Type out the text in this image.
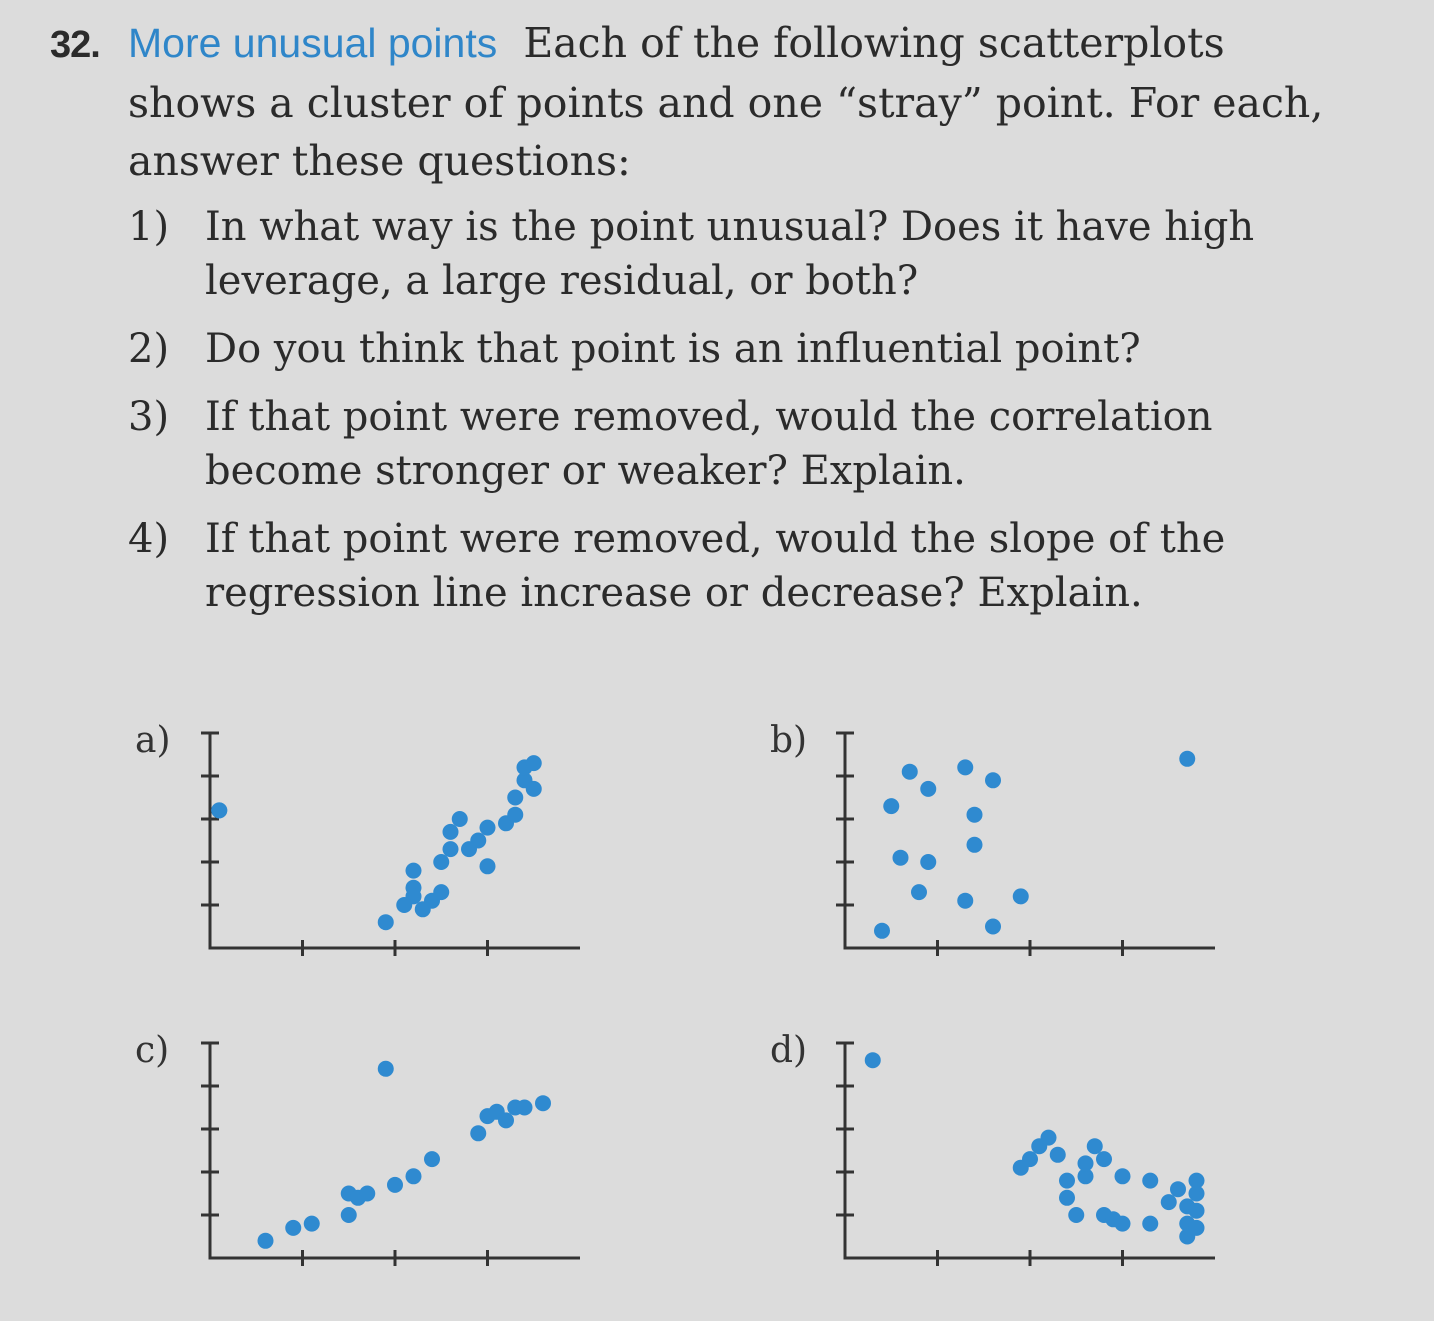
32. More unusual points Each of the following scatterplots shows a cluster of points and one “stray” point. For each, answer these questions:

1) In what way is the point unusual? Does it have high leverage, a large residual, or both?
2) Do you think that point is an influential point?
3) If that point were removed, would the correlation become stronger or weaker? Explain.
4) If that point were removed, would the slope of the regression line increase or decrease? Explain.
a)	b)
c)	d)
